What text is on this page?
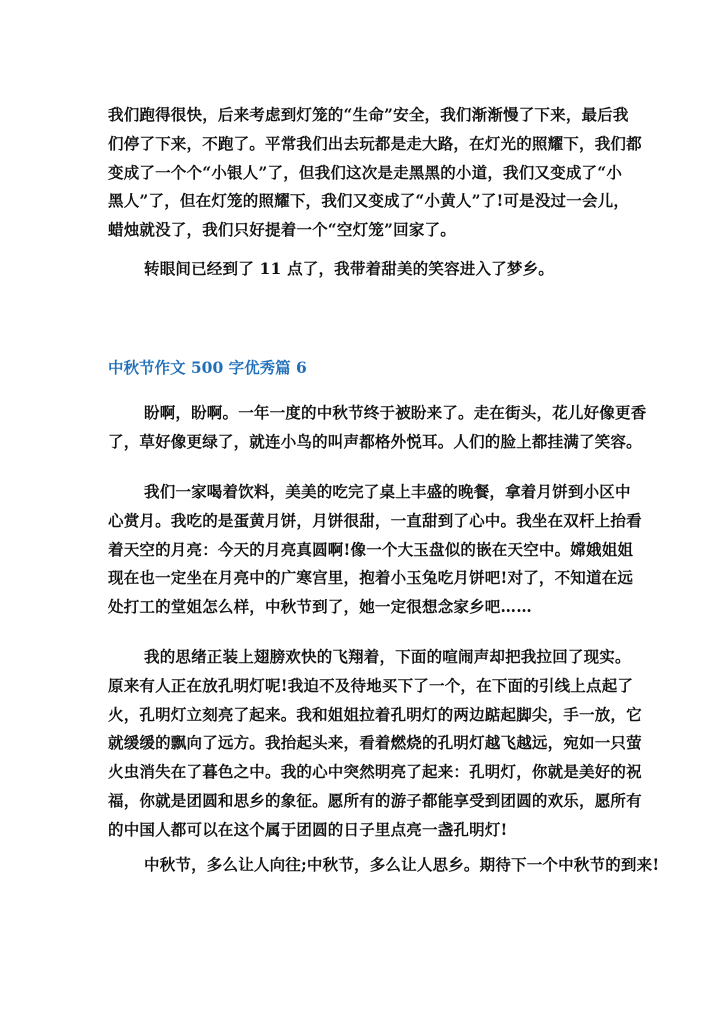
我们跑得很快，后来考虑到灯笼的“生命”安全，我们渐渐慢了下来，最后我
们停了下来，不跑了。平常我们出去玩都是走大路，在灯光的照耀下，我们都
变成了一个个“小银人”了，但我们这次是走黑黑的小道，我们又变成了“小
黑人”了，但在灯笼的照耀下，我们又变成了“小黄人”了!可是没过一会儿，
蜡烛就没了，我们只好提着一个“空灯笼”回家了。
转眼间已经到了 11 点了，我带着甜美的笑容进入了梦乡。
中秋节作文 500 字优秀篇 6
盼啊，盼啊。一年一度的中秋节终于被盼来了。走在街头，花儿好像更香
了，草好像更绿了，就连小鸟的叫声都格外悦耳。人们的脸上都挂满了笑容。
我们一家喝着饮料，美美的吃完了桌上丰盛的晚餐，拿着月饼到小区中
心赏月。我吃的是蛋黄月饼，月饼很甜，一直甜到了心中。我坐在双杆上抬看
着天空的月亮：今天的月亮真圆啊!像一个大玉盘似的嵌在天空中。嫦娥姐姐
现在也一定坐在月亮中的广寒宫里，抱着小玉兔吃月饼吧!对了，不知道在远
处打工的堂姐怎么样，中秋节到了，她一定很想念家乡吧……
我的思绪正装上翅膀欢快的飞翔着，下面的喧闹声却把我拉回了现实。
原来有人正在放孔明灯呢!我迫不及待地买下了一个，在下面的引线上点起了
火，孔明灯立刻亮了起来。我和姐姐拉着孔明灯的两边踮起脚尖，手一放，它
就缓缓的飘向了远方。我抬起头来，看着燃烧的孔明灯越飞越远，宛如一只萤
火虫消失在了暮色之中。我的心中突然明亮了起来：孔明灯，你就是美好的祝
福，你就是团圆和思乡的象征。愿所有的游子都能享受到团圆的欢乐，愿所有
的中国人都可以在这个属于团圆的日子里点亮一盏孔明灯!
中秋节，多么让人向往;中秋节，多么让人思乡。期待下一个中秋节的到来!
